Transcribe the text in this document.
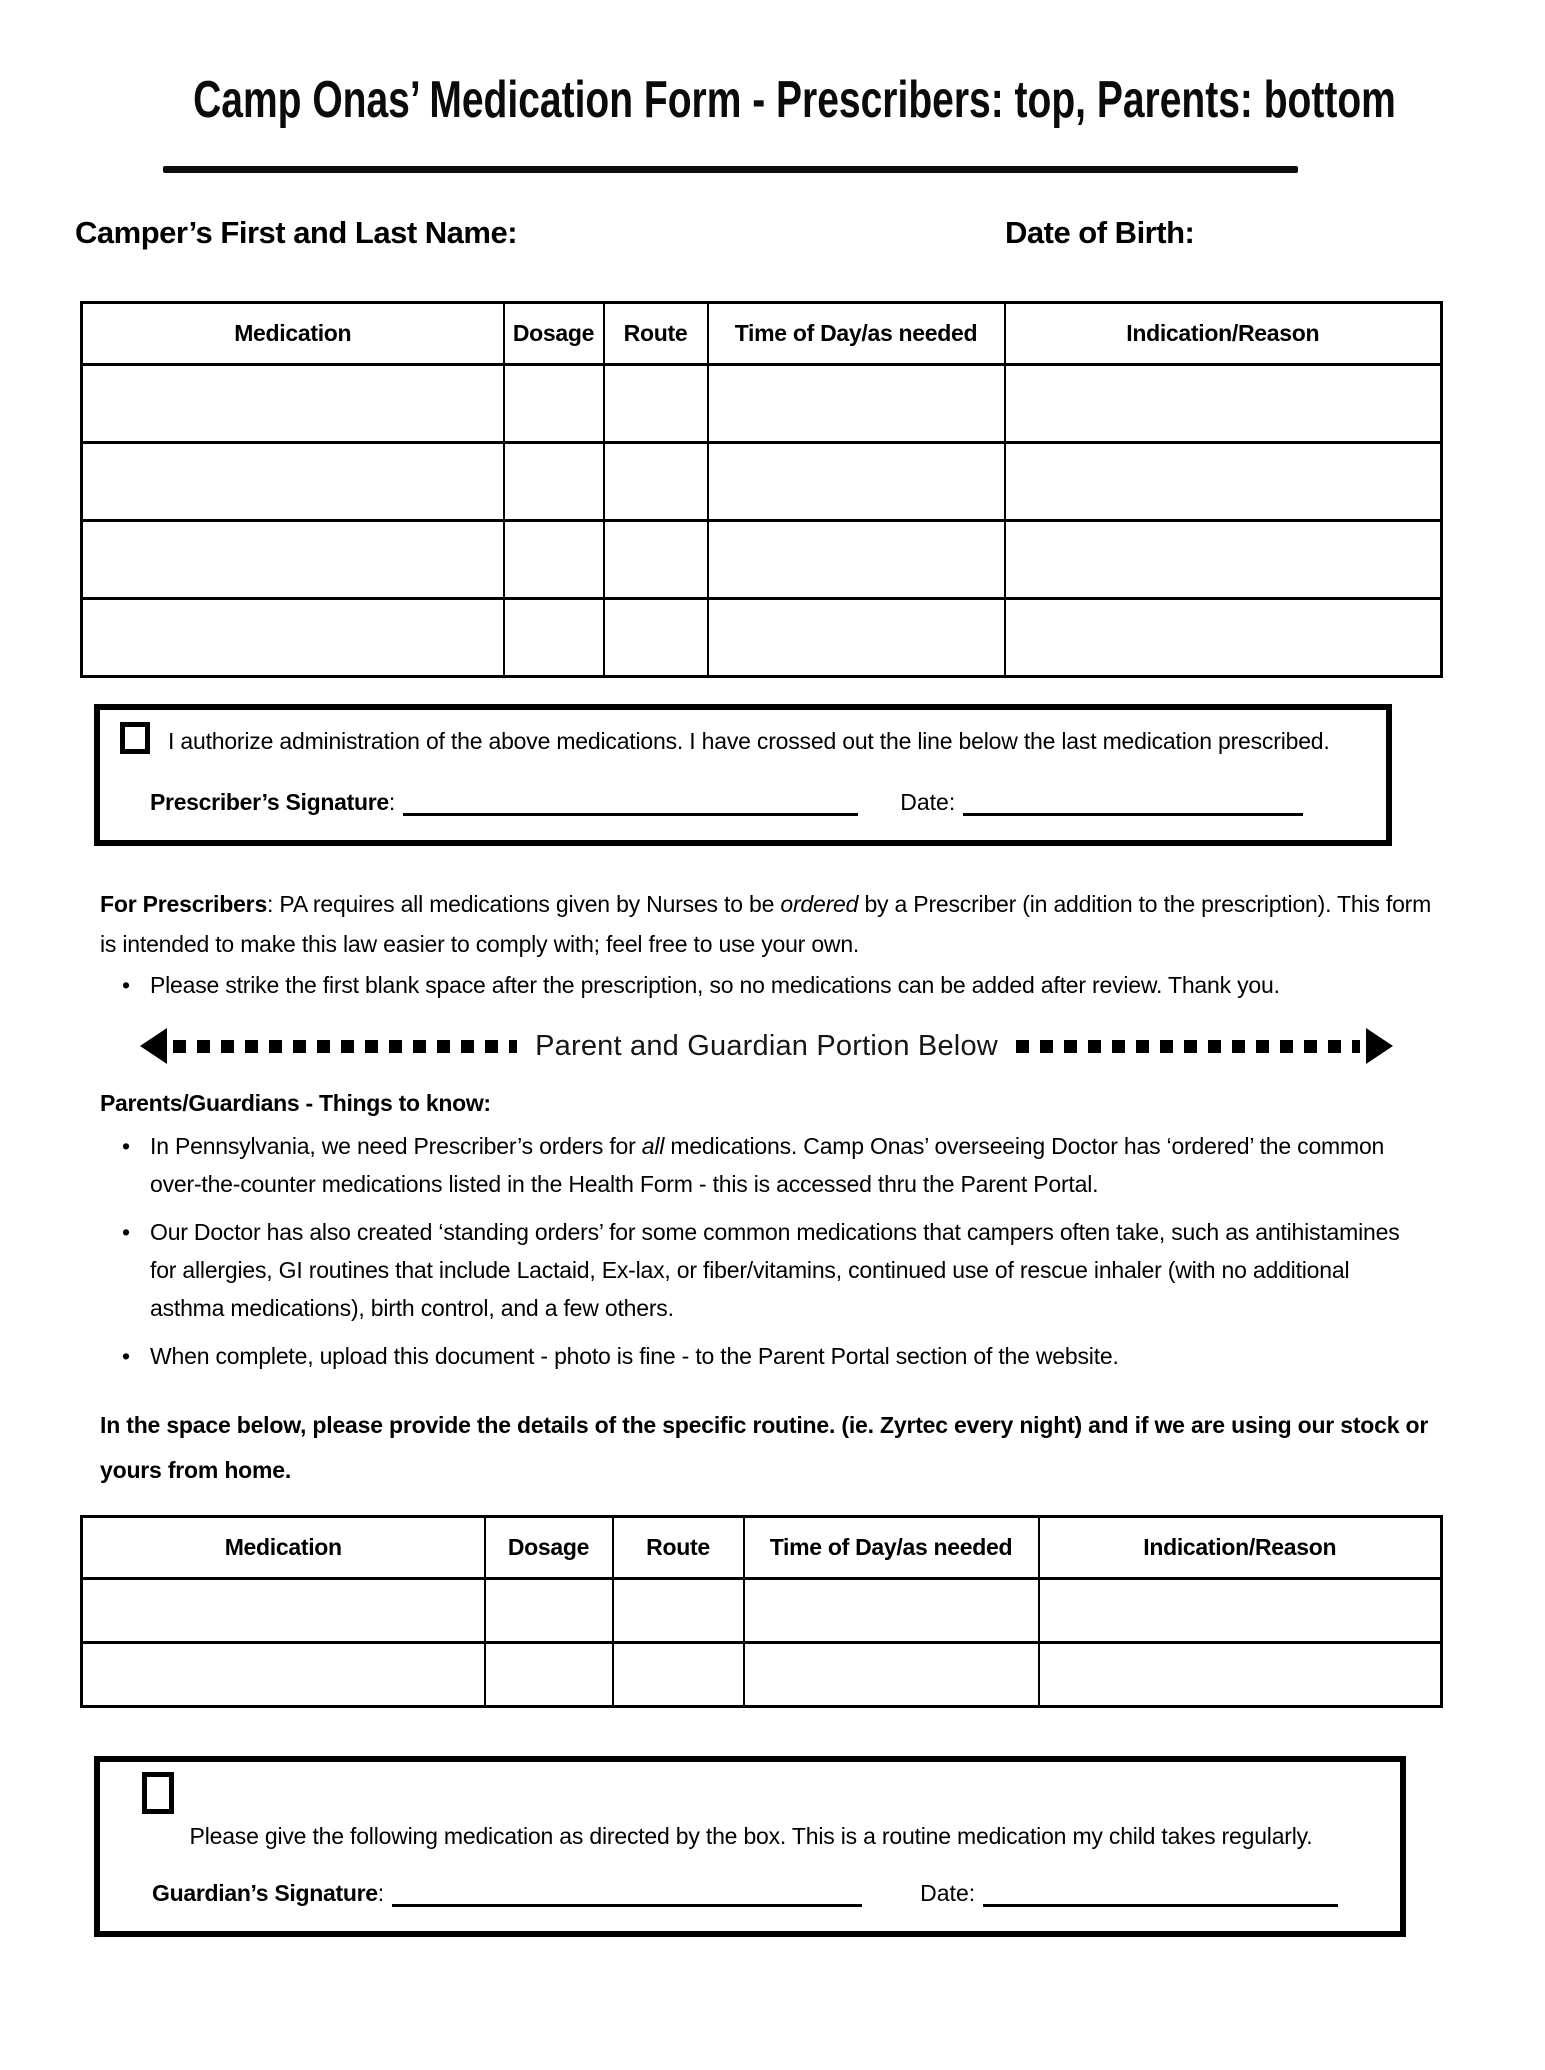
Camp Onas’ Medication Form - Prescribers: top, Parents: bottom
Camper’s First and Last Name:	Date of Birth:
Medication	Dosage	Route	Time of Day/as needed	Indication/Reason

I authorize administration of the above medications. I have crossed out the line below the last medication prescribed.
Prescriber’s Signature :	Date:
For Prescribers: PA requires all medications given by Nurses to be ordered by a Prescriber (in addition to the prescription). This form is intended to make this law easier to comply with; feel free to use your own.
• Please strike the first blank space after the prescription, so no medications can be added after review. Thank you.
Parent and Guardian Portion Below
Parents/Guardians - Things to know:
• In Pennsylvania, we need Prescriber’s orders for all medications. Camp Onas’ overseeing Doctor has ‘ordered’ the common over-the-counter medications listed in the Health Form - this is accessed thru the Parent Portal.
• Our Doctor has also created ‘standing orders’ for some common medications that campers often take, such as antihistamines for allergies, GI routines that include Lactaid, Ex-lax, or fiber/vitamins, continued use of rescue inhaler (with no additional asthma medications), birth control, and a few others.
• When complete, upload this document - photo is fine - to the Parent Portal section of the website.
In the space below, please provide the details of the specific routine. (ie. Zyrtec every night) and if we are using our stock or yours from home.
Medication	Dosage	Route	Time of Day/as needed	Indication/Reason

Please give the following medication as directed by the box. This is a routine medication my child takes regularly.
Guardian’s Signature :	Date:
